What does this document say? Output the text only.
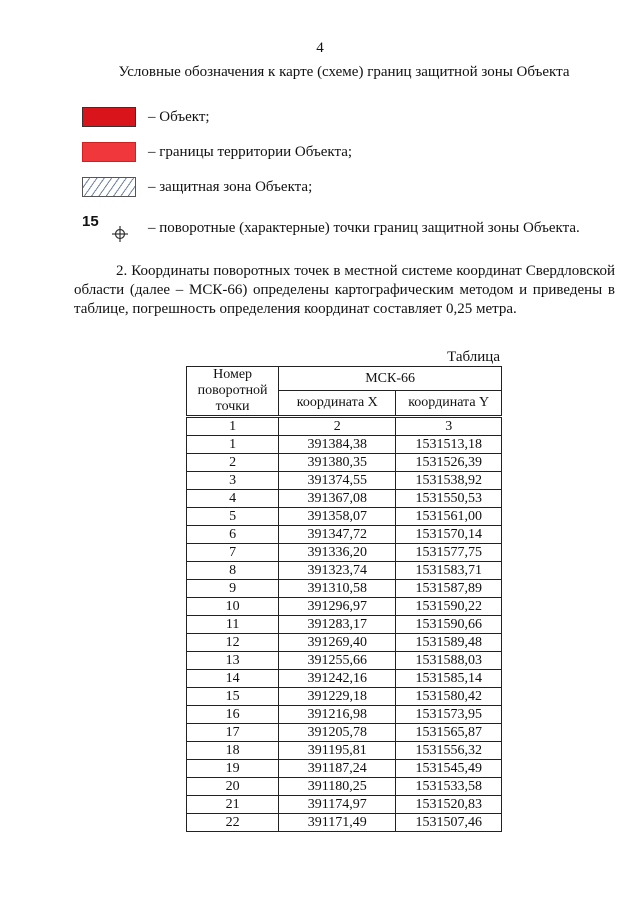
4
Условные обозначения к карте (схеме) границ защитной зоны Объекта
– Объект;
– границы территории Объекта;
– защитная зона Объекта;
15	– поворотные (характерные) точки границ защитной зоны Объекта.
2. Координаты поворотных точек в местной системе координат Свердловской области (далее – МСК-66) определены картографическим методом и приведены в таблице, погрешность определения координат составляет 0,25 метра.
Таблица
Номер поворотной точки	МСК-66	
	координата X	координата Y
1	2	3
1	391384,38	1531513,18
2	391380,35	1531526,39
3	391374,55	1531538,92
4	391367,08	1531550,53
5	391358,07	1531561,00
6	391347,72	1531570,14
7	391336,20	1531577,75
8	391323,74	1531583,71
9	391310,58	1531587,89
10	391296,97	1531590,22
11	391283,17	1531590,66
12	391269,40	1531589,48
13	391255,66	1531588,03
14	391242,16	1531585,14
15	391229,18	1531580,42
16	391216,98	1531573,95
17	391205,78	1531565,87
18	391195,81	1531556,32
19	391187,24	1531545,49
20	391180,25	1531533,58
21	391174,97	1531520,83
22	391171,49	1531507,46
